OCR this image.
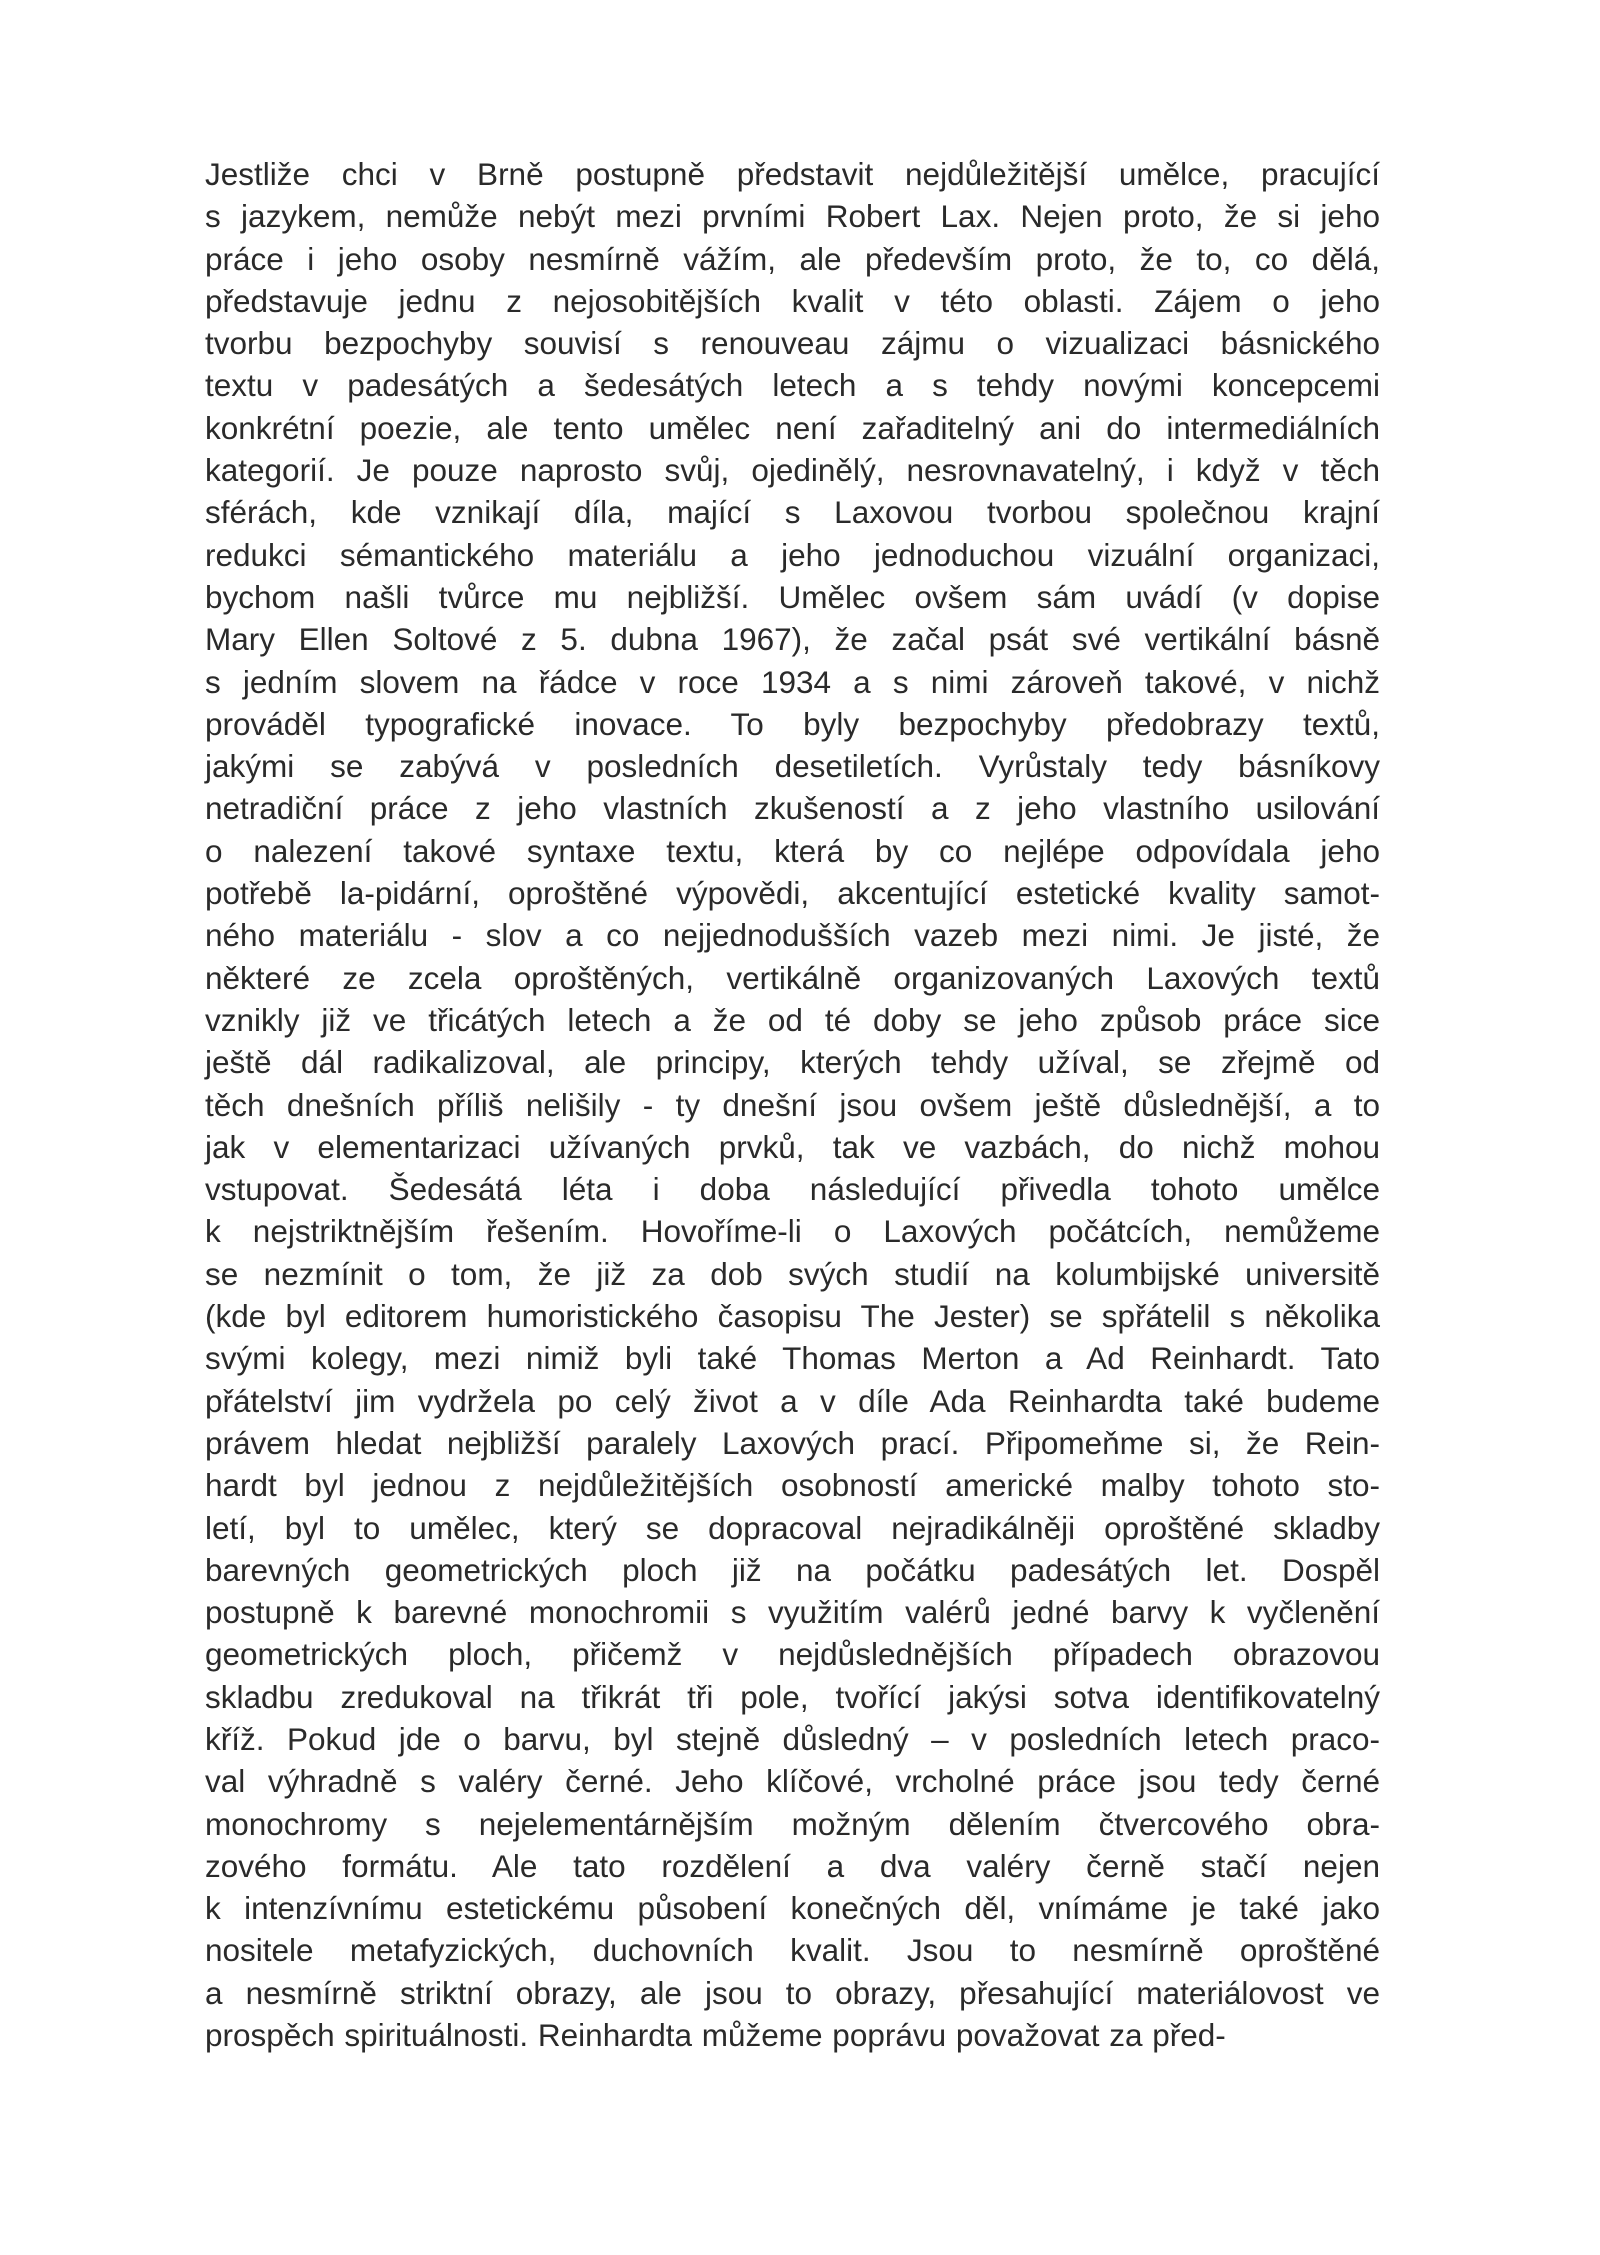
Jestliže chci v Brně postupně představit nejdůležitější umělce, pracující
s jazykem, nemůže nebýt mezi prvními Robert Lax. Nejen proto, že si jeho
práce i jeho osoby nesmírně vážím, ale především proto, že to, co dělá,
představuje jednu z nejosobitějších kvalit v této oblasti. Zájem o jeho
tvorbu bezpochyby souvisí s renouveau zájmu o vizualizaci básnického
textu v padesátých a šedesátých letech a s tehdy novými koncepcemi
konkrétní poezie, ale tento umělec není zařaditelný ani do intermediálních
kategorií. Je pouze naprosto svůj, ojedinělý, nesrovnavatelný, i když v těch
sférách, kde vznikají díla, mající s Laxovou tvorbou společnou krajní
redukci sémantického materiálu a jeho jednoduchou vizuální organizaci,
bychom našli tvůrce mu nejbližší. Umělec ovšem sám uvádí (v dopise
Mary Ellen Soltové z 5. dubna 1967), že začal psát své vertikální básně
s jedním slovem na řádce v roce 1934 a s nimi zároveň takové, v nichž
prováděl typografické inovace. To byly bezpochyby předobrazy textů,
jakými se zabývá v posledních desetiletích. Vyrůstaly tedy básníkovy
netradiční práce z jeho vlastních zkušeností a z jeho vlastního usilování
o nalezení takové syntaxe textu, která by co nejlépe odpovídala jeho
potřebě la-pidární, oproštěné výpovědi, akcentující estetické kvality samot-
ného materiálu - slov a co nejjednodušších vazeb mezi nimi. Je jisté, že
některé ze zcela oproštěných, vertikálně organizovaných Laxových textů
vznikly již ve třicátých letech a že od té doby se jeho způsob práce sice
ještě dál radikalizoval, ale principy, kterých tehdy užíval, se zřejmě od
těch dnešních příliš nelišily - ty dnešní jsou ovšem ještě důslednější, a to
jak v elementarizaci užívaných prvků, tak ve vazbách, do nichž mohou
vstupovat. Šedesátá léta i doba následující přivedla tohoto umělce
k nejstriktnějším řešením. Hovoříme-li o Laxových počátcích, nemůžeme
se nezmínit o tom, že již za dob svých studií na kolumbijské universitě
(kde byl editorem humoristického časopisu The Jester) se spřátelil s několika
svými kolegy, mezi nimiž byli také Thomas Merton a Ad Reinhardt. Tato
přátelství jim vydržela po celý život a v díle Ada Reinhardta také budeme
právem hledat nejbližší paralely Laxových prací. Připomeňme si, že Rein-
hardt byl jednou z nejdůležitějších osobností americké malby tohoto sto-
letí, byl to umělec, který se dopracoval nejradikálněji oproštěné skladby
barevných geometrických ploch již na počátku padesátých let. Dospěl
postupně k barevné monochromii s využitím valérů jedné barvy k vyčlenění
geometrických ploch, přičemž v nejdůslednějších případech obrazovou
skladbu zredukoval na třikrát tři pole, tvořící jakýsi sotva identifikovatelný
kříž. Pokud jde o barvu, byl stejně důsledný – v posledních letech praco-
val výhradně s valéry černé. Jeho klíčové, vrcholné práce jsou tedy černé
monochromy s nejelementárnějším možným dělením čtvercového obra-
zového formátu. Ale tato rozdělení a dva valéry černě stačí nejen
k intenzívnímu estetickému působení konečných děl, vnímáme je také jako
nositele metafyzických, duchovních kvalit. Jsou to nesmírně oproštěné
a nesmírně striktní obrazy, ale jsou to obrazy, přesahující materiálovost ve
prospěch spirituálnosti. Reinhardta můžeme poprávu považovat za před-
